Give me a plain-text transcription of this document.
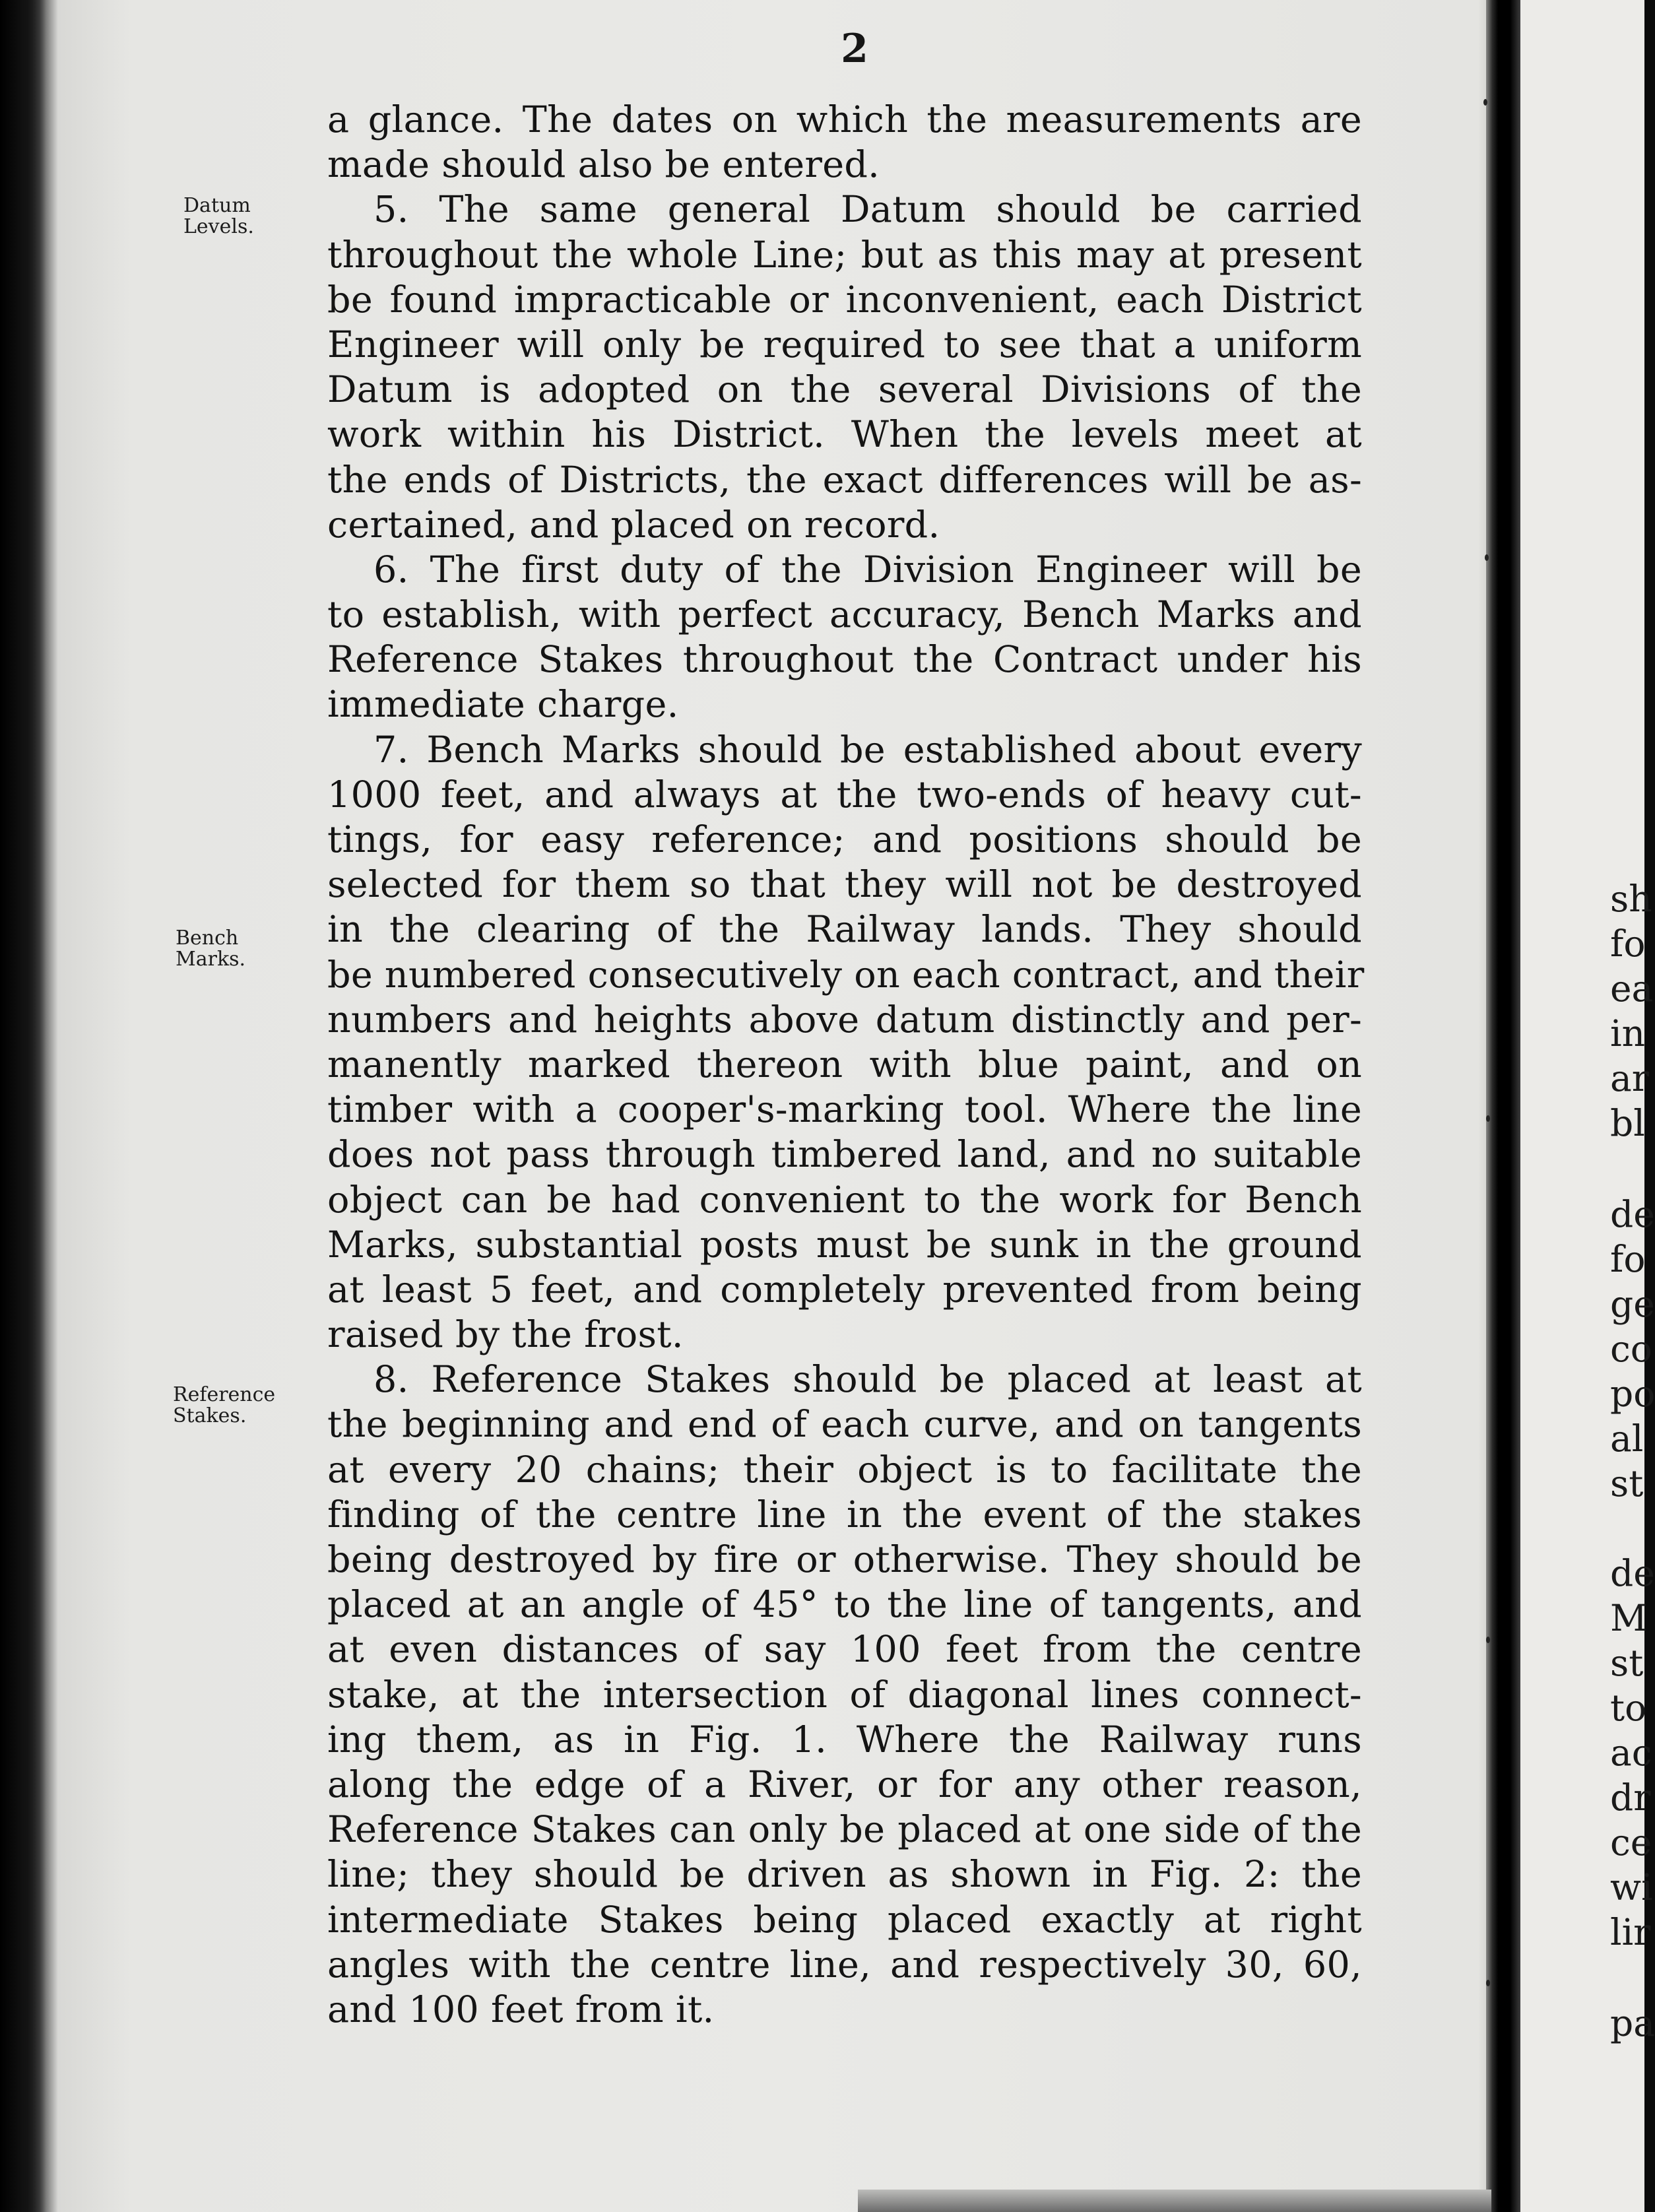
2
Datum
Levels.
Bench
Marks.
Reference
Stakes.
a glance. The dates on which the measurements are
made should also be entered.
5. The same general Datum should be carried
throughout the whole Line; but as this may at present
be found impracticable or inconvenient, each District
Engineer will only be required to see that a uniform
Datum is adopted on the several Divisions of the
work within his District. When the levels meet at
the ends of Districts, the exact differences will be as-
certained, and placed on record.
6. The first duty of the Division Engineer will be
to establish, with perfect accuracy, Bench Marks and
Reference Stakes throughout the Contract under his
immediate charge.
7. Bench Marks should be established about every
1000 feet, and always at the two-ends of heavy cut-
tings, for easy reference; and positions should be
selected for them so that they will not be destroyed
in the clearing of the Railway lands. They should
be numbered consecutively on each contract, and their
numbers and heights above datum distinctly and per-
manently marked thereon with blue paint, and on
timber with a cooper's-marking tool. Where the line
does not pass through timbered land, and no suitable
object can be had convenient to the work for Bench
Marks, substantial posts must be sunk in the ground
at least 5 feet, and completely prevented from being
raised by the frost.
8. Reference Stakes should be placed at least at
the beginning and end of each curve, and on tangents
at every 20 chains; their object is to facilitate the
finding of the centre line in the event of the stakes
being destroyed by fire or otherwise. They should be
placed at an angle of 45° to the line of tangents, and
at even distances of say 100 feet from the centre
stake, at the intersection of diagonal lines connect-
ing them, as in Fig. 1. Where the Railway runs
along the edge of a River, or for any other reason,
Reference Stakes can only be placed at one side of the
line; they should be driven as shown in Fig. 2: the
intermediate Stakes being placed exactly at right
angles with the centre line, and respectively 30, 60,
and 100 feet from it.
sh
fo
ea
in
ar
bl
de
fo
ge
co
po
al
st
de
M
st
to
ac
dr
ce
wi
lir
pa
